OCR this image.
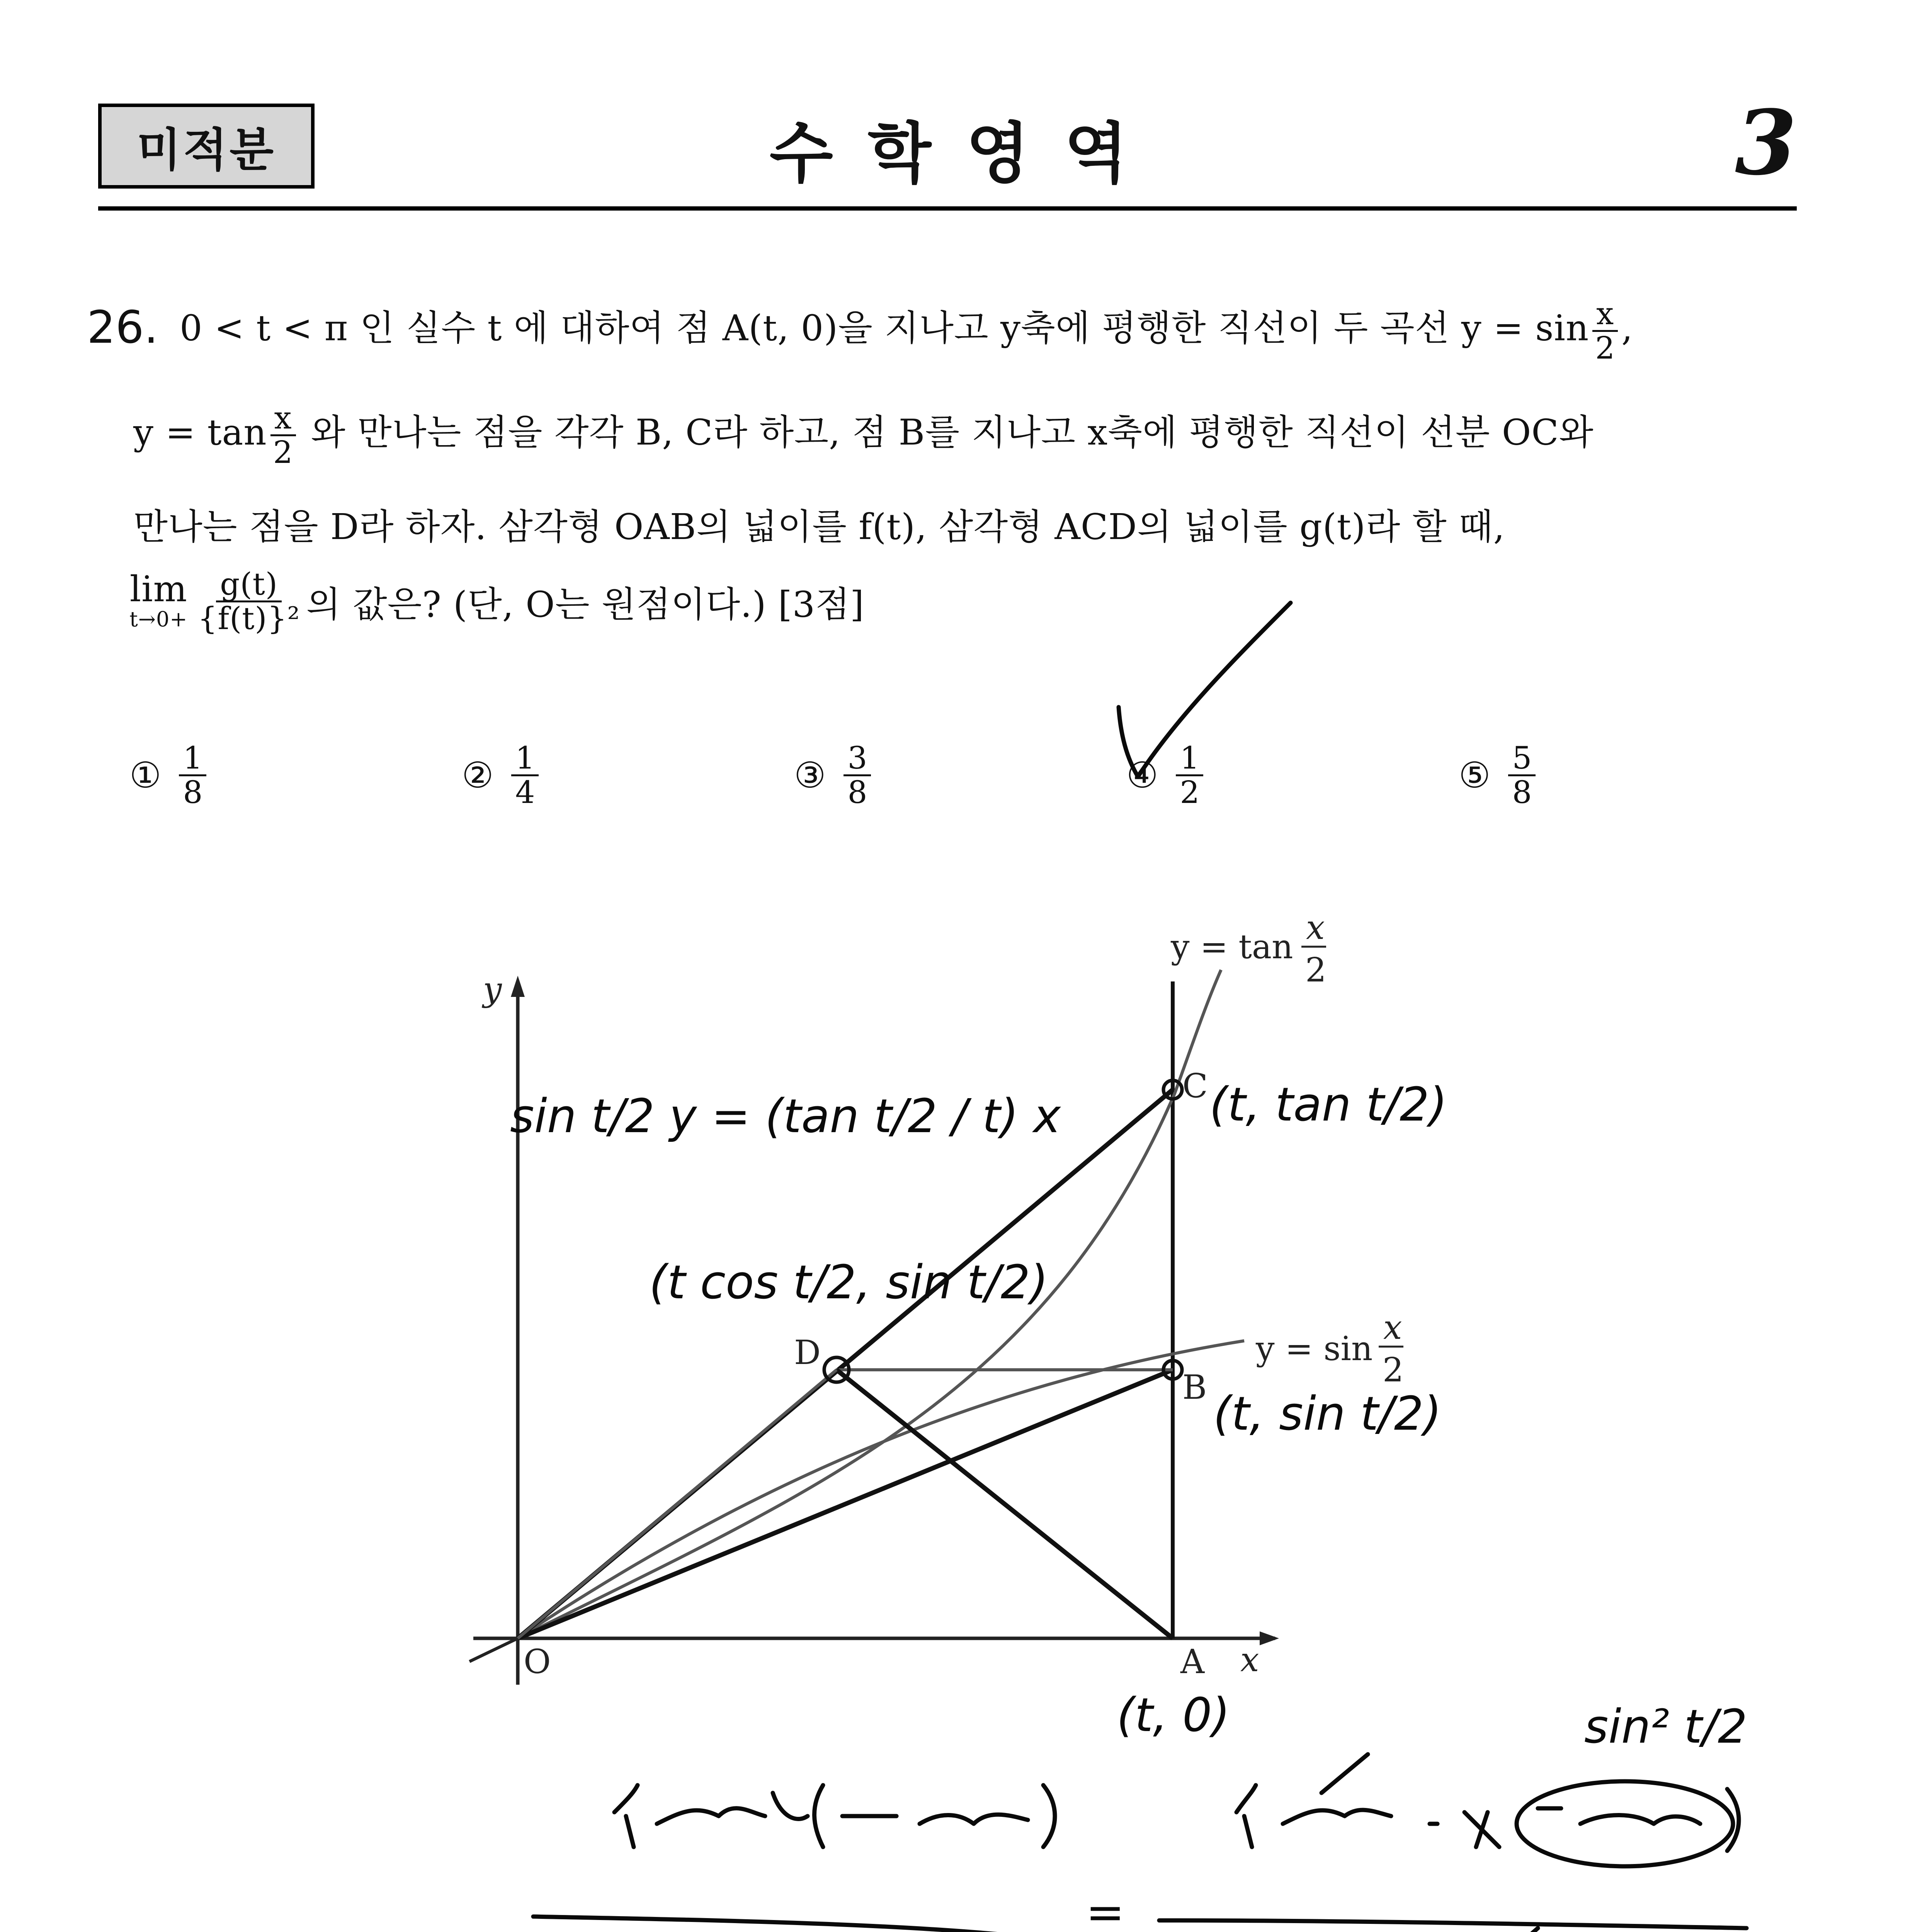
미적분	수학영역	3
26. 0 < t < π 인 실수 t 에 대하여 점 A(t, 0)을 지나고 y축에 평행한 직선이 두 곡선 $y = \sin \frac{x}{2}$ ,
$y = \tan \frac{x}{2}$ 와 만나는 점을 각각 B, C라 하고, 점 B를 지나고 x축에 평행한 직선이 선분 OC와
만나는 점을 D라 하자. 삼각형 OAB의 넓이를 f(t), 삼각형 ACD의 넓이를 g(t)라 할 때,
lim
$t\to 0+ \frac{g(t)}{\text{\{f(t)\}²}}$ 의 값은? (단, O는 원점이다.) [3점]
① $\frac{1}{8}$	② $\frac{1}{4}$	③ $\frac{3}{8}$	④ $\frac{1}{2}$	⑤ $\frac{5}{8}$
y
x
O	A
B
C
D
y = tan x
2
y = sin
x
2
sin t/2 y = (tan t/2 / t) x	(t, tan t/2)
(t cos t/2, sin t/2)
(t, sin t/2)
(t, 0)	sin² t/2
=
